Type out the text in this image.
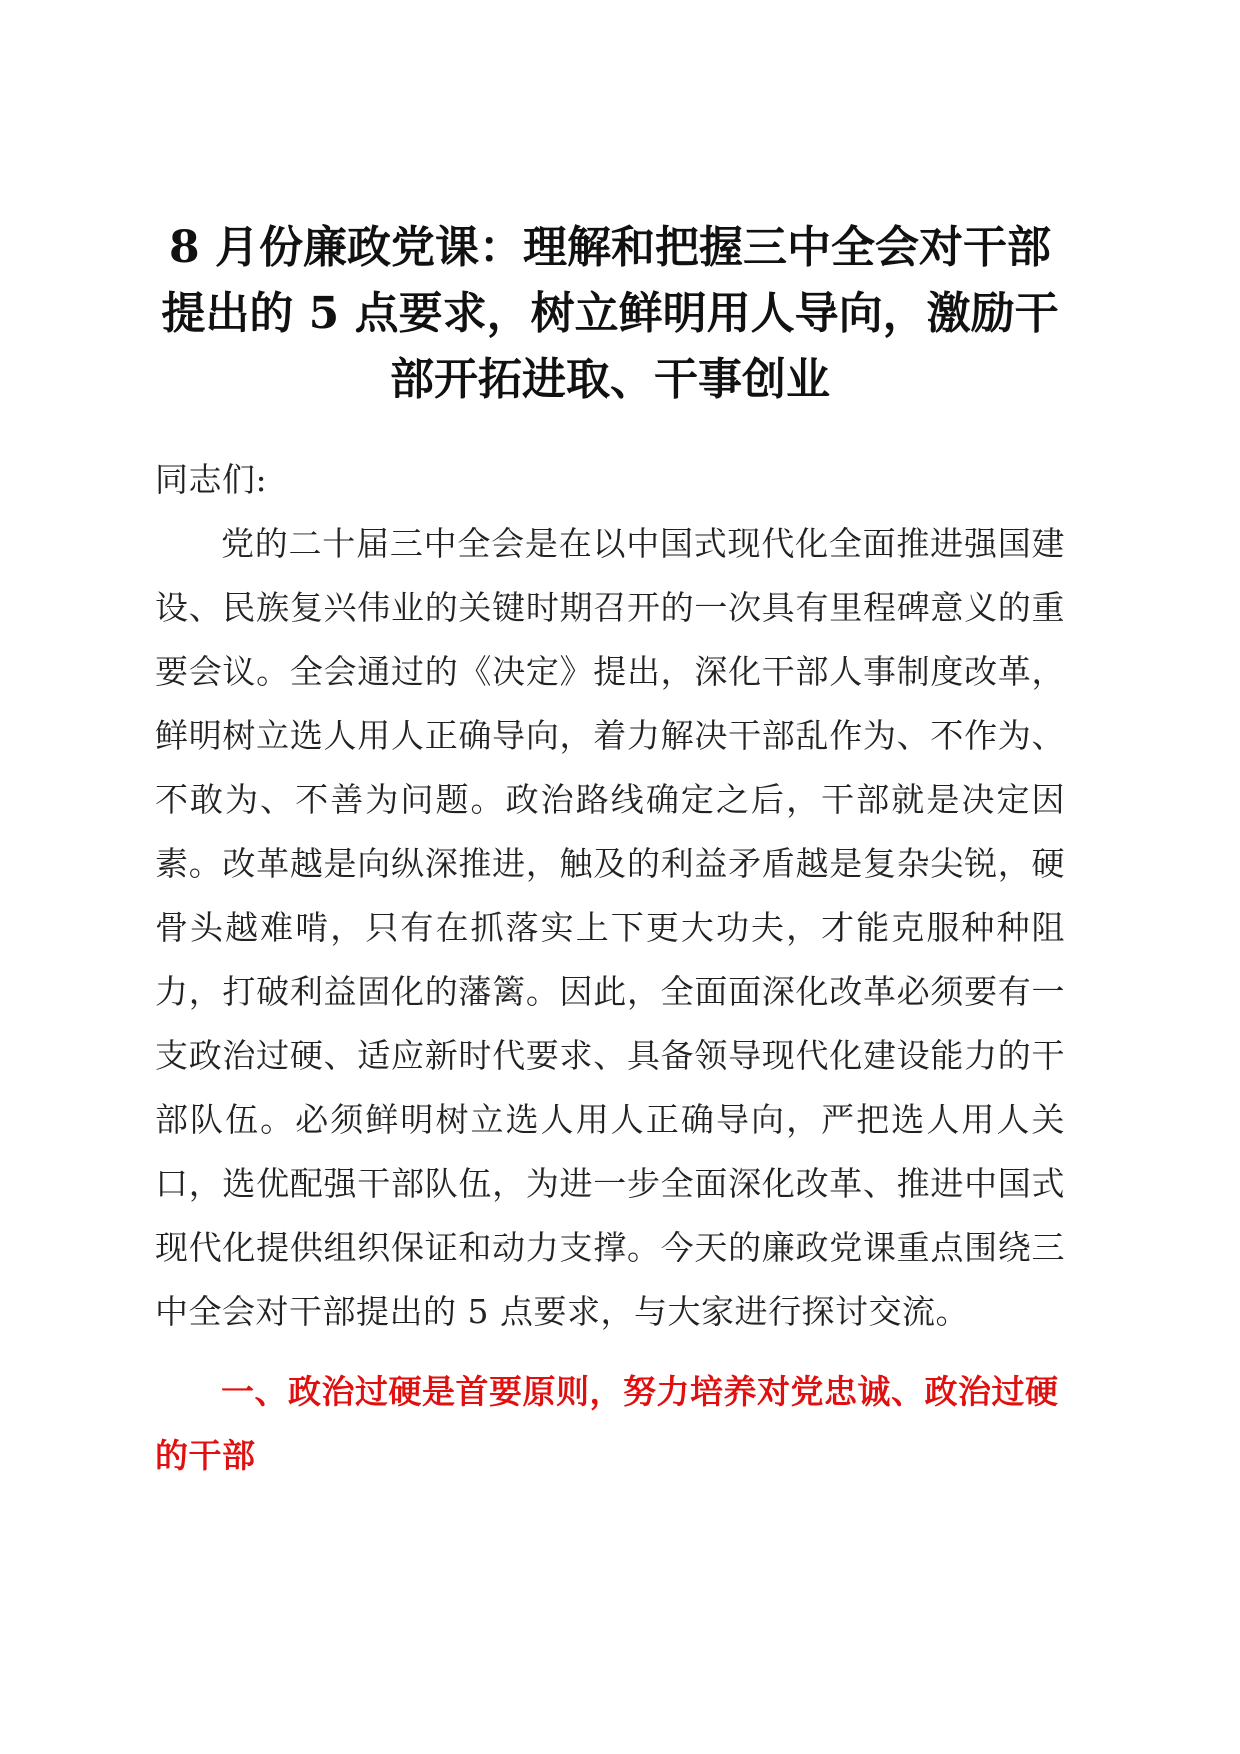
8 月份廉政党课：理解和把握三中全会对干部提出的 5 点要求，树立鲜明用人导向，激励干部开拓进取、干事创业

同志们:

党的二十届三中全会是在以中国式现代化全面推进强国建设、民族复兴伟业的关键时期召开的一次具有里程碑意义的重要会议。全会通过的《决定》提出，深化干部人事制度改革，鲜明树立选人用人正确导向，着力解决干部乱作为、不作为、不敢为、不善为问题。政治路线确定之后，干部就是决定因素。改革越是向纵深推进，触及的利益矛盾越是复杂尖锐，硬骨头越难啃，只有在抓落实上下更大功夫，才能克服种种阻力，打破利益固化的藩篱。因此，全面面深化改革必须要有一支政治过硬、适应新时代要求、具备领导现代化建设能力的干部队伍。必须鲜明树立选人用人正确导向，严把选人用人关口，选优配强干部队伍，为进一步全面深化改革、推进中国式现代化提供组织保证和动力支撑。今天的廉政党课重点围绕三中全会对干部提出的 5 点要求，与大家进行探讨交流。

一、政治过硬是首要原则，努力培养对党忠诚、政治过硬的干部
